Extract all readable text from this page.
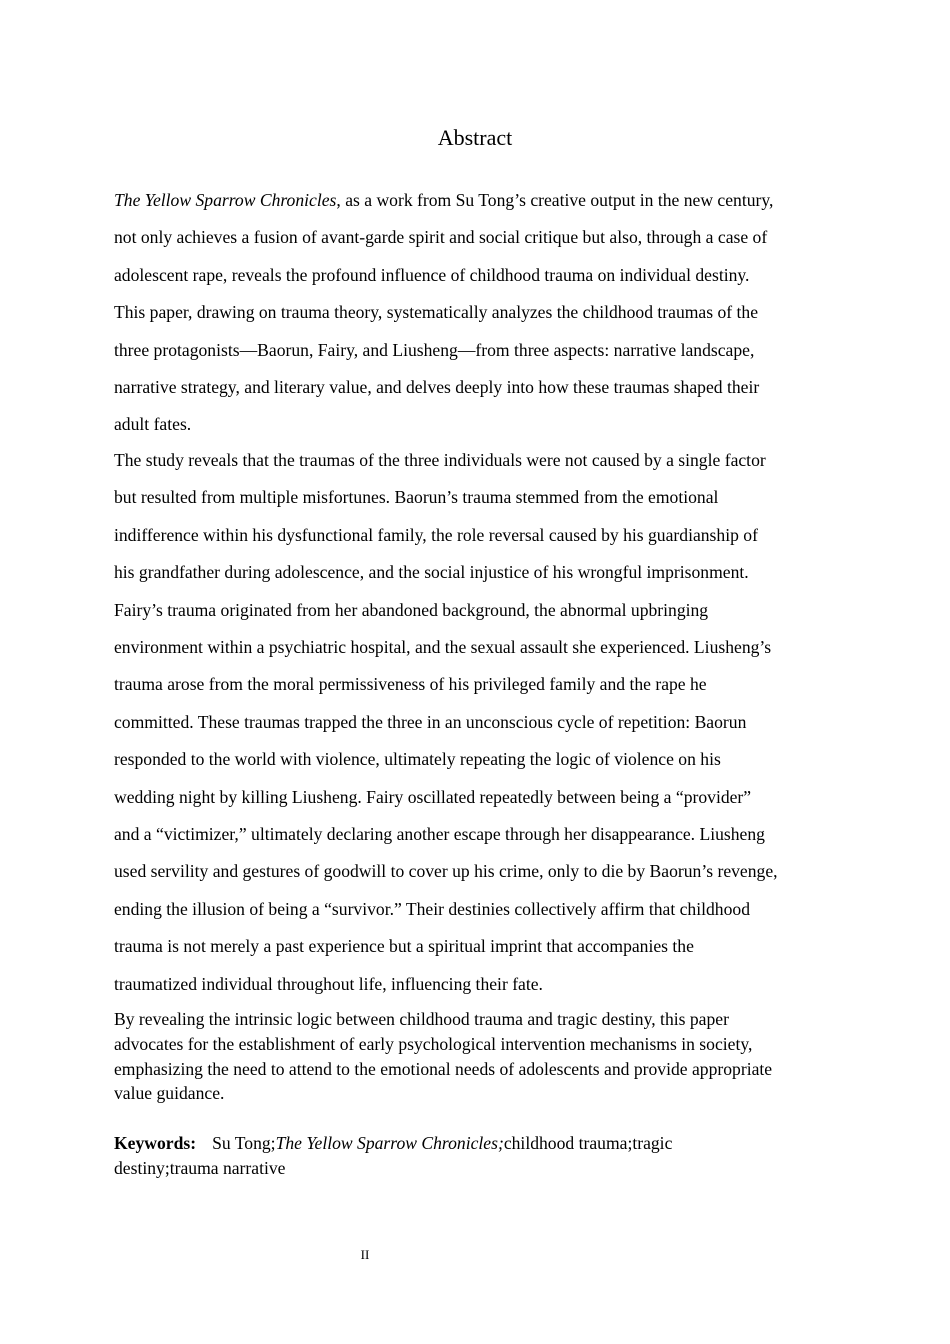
Abstract
The Yellow Sparrow Chronicles, as a work from Su Tong’s creative output in the new century,
not only achieves a fusion of avant-garde spirit and social critique but also, through a case of
adolescent rape, reveals the profound influence of childhood trauma on individual destiny.
This paper, drawing on trauma theory, systematically analyzes the childhood traumas of the
three protagonists—Baorun, Fairy, and Liusheng—from three aspects: narrative landscape,
narrative strategy, and literary value, and delves deeply into how these traumas shaped their
adult fates.
The study reveals that the traumas of the three individuals were not caused by a single factor
but resulted from multiple misfortunes. Baorun’s trauma stemmed from the emotional
indifference within his dysfunctional family, the role reversal caused by his guardianship of
his grandfather during adolescence, and the social injustice of his wrongful imprisonment.
Fairy’s trauma originated from her abandoned background, the abnormal upbringing
environment within a psychiatric hospital, and the sexual assault she experienced. Liusheng’s
trauma arose from the moral permissiveness of his privileged family and the rape he
committed. These traumas trapped the three in an unconscious cycle of repetition: Baorun
responded to the world with violence, ultimately repeating the logic of violence on his
wedding night by killing Liusheng. Fairy oscillated repeatedly between being a “provider”
and a “victimizer,” ultimately declaring another escape through her disappearance. Liusheng
used servility and gestures of goodwill to cover up his crime, only to die by Baorun’s revenge,
ending the illusion of being a “survivor.” Their destinies collectively affirm that childhood
trauma is not merely a past experience but a spiritual imprint that accompanies the
traumatized individual throughout life, influencing their fate.
By revealing the intrinsic logic between childhood trauma and tragic destiny, this paper
advocates for the establishment of early psychological intervention mechanisms in society,
emphasizing the need to attend to the emotional needs of adolescents and provide appropriate
value guidance.
Keywords: Su Tong;The Yellow Sparrow Chronicles;childhood trauma;tragic
destiny;trauma narrative
II
